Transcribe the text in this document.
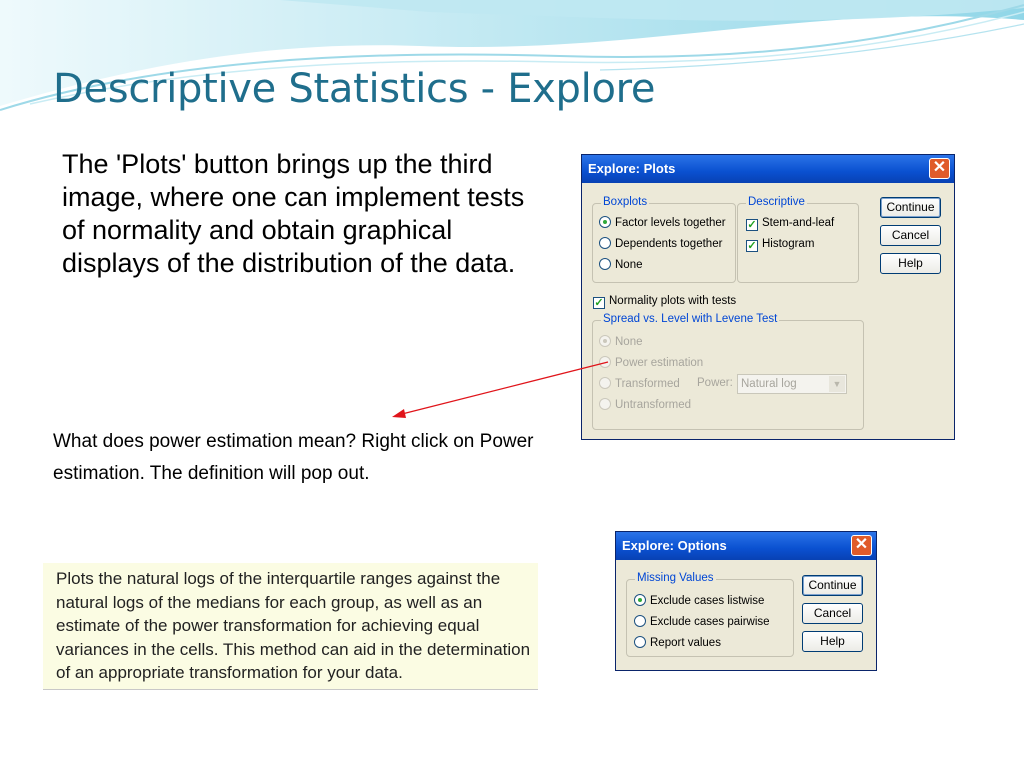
Descriptive Statistics - Explore
The 'Plots' button brings up the third image, where one can implement tests of normality and obtain graphical displays of the distribution of the data.
What does power estimation mean? Right click on Power estimation. The definition will pop out.
Plots the natural logs of the interquartile ranges against the natural logs of the medians for each group, as well as an estimate of the power transformation for achieving equal variances in the cells. This method can aid in the determination of an appropriate transformation for your data.
Explore: Plots	✕
Boxplots
Factor levels together
Dependents together
None
Descriptive
✓ Stem-and-leaf
✓ Histogram
✓ Normality plots with tests
Spread vs. Level with Levene Test
None
Power estimation
Transformed
Untransformed
Power: Natural log	▼
Continue
Cancel
Help
Explore: Options	✕
Missing Values
Exclude cases listwise
Exclude cases pairwise
Report values
Continue
Cancel
Help
